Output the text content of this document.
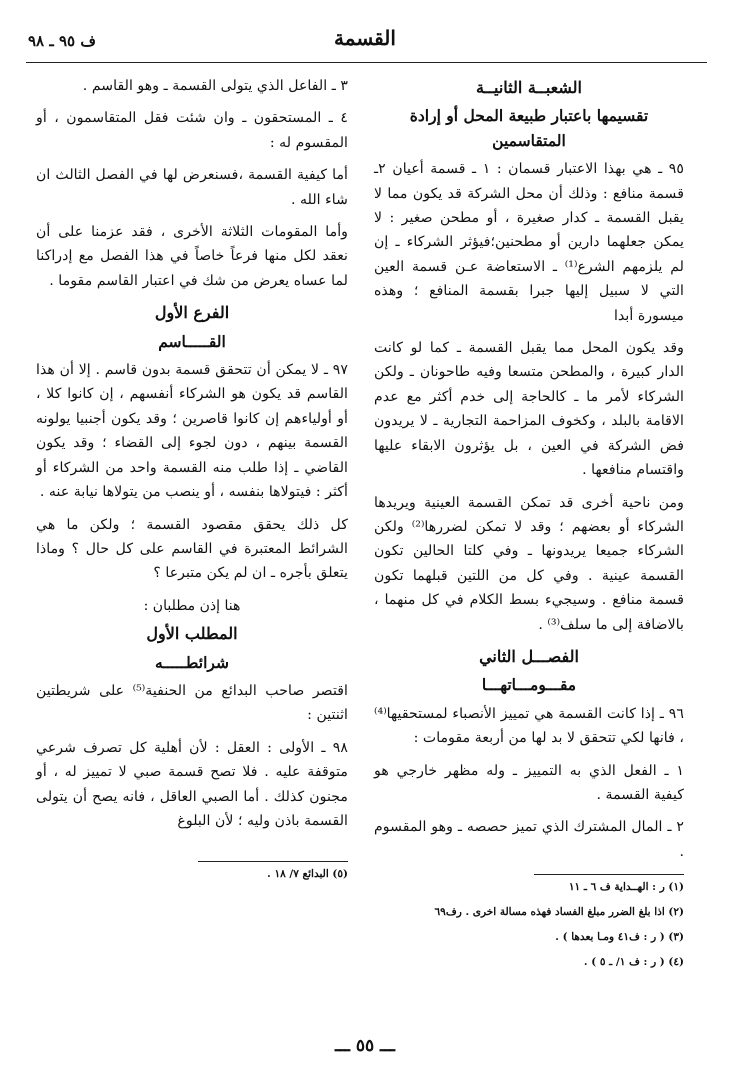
ف ٩٥ ـ ٩٨	القسمة
الشعبــة الثانيــة
تقسيمها باعتبار طبيعة المحل أو إرادة المتقاسمين

٩٥ ـ هي بهذا الاعتبار قسمان : ١ ـ قسمة أعيان ٢ـ قسمة منافع : وذلك أن محل الشركة قد يكون مما لا يقبل القسمة ـ كدار صغيرة ، أو مطحن صغير : لا يمكن جعلهما دارين أو مطحنين؛فيؤثر الشركاء ـ إن لم يلزمهم الشرع⁽¹⁾ ـ الاستعاضة عـن قسمة العين التي لا سبيل إليها جبرا بقسمة المنافع ؛ وهذه ميسورة أبدا

وقد يكون المحل مما يقبل القسمة ـ كما لو كانت الدار كبيرة ، والمطحن متسعا وفيه طاحونان ـ ولكن الشركاء لأمر ما ـ كالحاجة إلى خدم أكثر مع عدم الاقامة بالبلد ، وكخوف المزاحمة التجارية ـ لا يريدون فض الشركة في العين ، بل يؤثرون الابقاء عليها واقتسام منافعها .

ومن ناحية أخرى قد تمكن القسمة العينية ويريدها الشركاء أو بعضهم ؛ وقد لا تمكن لضررها⁽²⁾ ولكن الشركاء جميعا يريدونها ـ وفي كلتا الحالين تكون القسمة عينية . وفي كل من اللتين قبلهما تكون قسمة منافع . وسيجيء بسط الكلام في كل منهما ، بالاضافة إلى ما سلف⁽³⁾ .

الفصـــل الثاني
مقـــومـــاتهـــا

٩٦ ـ إذا كانت القسمة هي تمييز الأنصباء لمستحقيها⁽⁴⁾ ، فانها لكي تتحقق لا بد لها من أربعة مقومات :

١ ـ الفعل الذي به التمييز ـ وله مظهر خارجي هو كيفية القسمة .

٢ ـ المال المشترك الذي تميز حصصه ـ وهو المقسوم .

(١) ر : الهــداية ف ٦ ـ ١١

(٢) اذا بلغ الضرر مبلغ الفساد فهذه مسالة اخرى . رف٦٩

(٣) ( ر : ف٤١ ومـا بعدها ) .

(٤) ( ر : ف ١/ ـ ٥ ) .

٣ ـ الفاعل الذي يتولى القسمة ـ وهو القاسم .

٤ ـ المستحقون ـ وان شئت فقل المتقاسمون ، أو المقسوم له :

أما كيفية القسمة ،فسنعرض لها في الفصل الثالث ان شاء الله .

وأما المقومات الثلاثة الأخرى ، فقد عزمنا على أن نعقد لكل منها فرعاً خاصاً في هذا الفصل مع إدراكنا لما عساه يعرض من شك في اعتبار القاسم مقوما .

الفرع الأول
القـــــاسم

٩٧ ـ لا يمكن أن تتحقق قسمة بدون قاسم . إلا أن هذا القاسم قد يكون هو الشركاء أنفسهم ، إن كانوا كلا ، أو أولياءهم إن كانوا قاصرين ؛ وقد يكون أجنبيا يولونه القسمة بينهم ، دون لجوء إلى القضاء ؛ وقد يكون القاضي ـ إذا طلب منه القسمة واحد من الشركاء أو أكثر : فيتولاها بنفسه ، أو ينصب من يتولاها نيابة عنه .

كل ذلك يحقق مقصود القسمة ؛ ولكن ما هي الشرائط المعتبرة في القاسم على كل حال ؟ وماذا يتعلق بأجره ـ ان لم يكن متبرعا ؟

هنا إذن مطلبان :
المطلب الأول
شرائطـــــه

اقتصر صاحب البدائع من الحنفية⁽⁵⁾ على شريطتين اثنتين :

٩٨ ـ الأولى : العقل : لأن أهلية كل تصرف شرعي متوقفة عليه . فلا تصح قسمة صبي لا تمييز له ، أو مجنون كذلك . أما الصبي العاقل ، فانه يصح أن يتولى القسمة باذن وليه ؛ لأن البلوغ

(٥) البدائع ٧/ ١٨ .

ـــ ٥٥ ـــ
